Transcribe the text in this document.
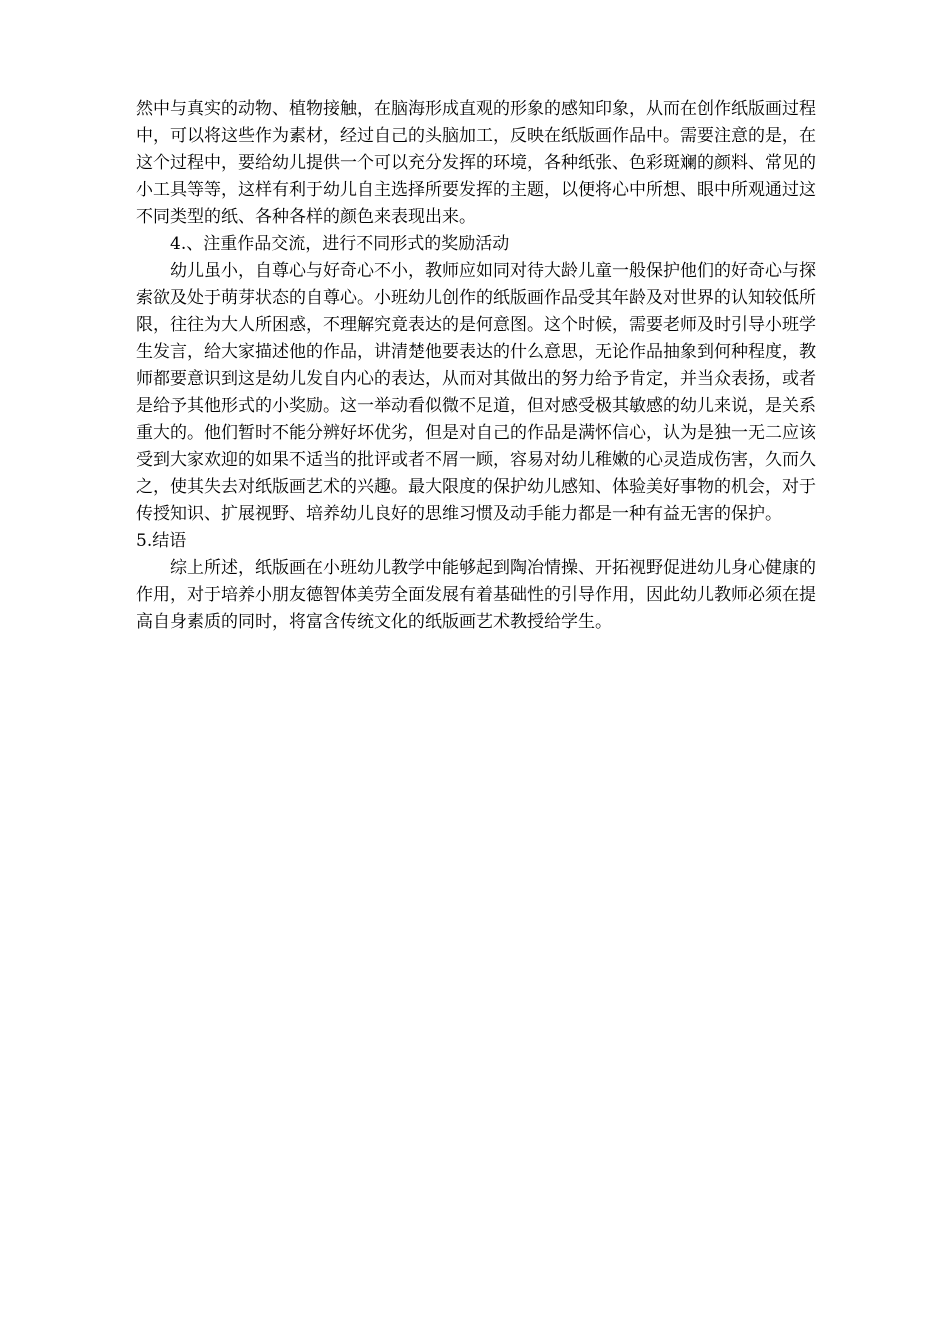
然中与真实的动物、植物接触，在脑海形成直观的形象的感知印象，从而在创作纸版画过程中，可以将这些作为素材，经过自己的头脑加工，反映在纸版画作品中。需要注意的是，在这个过程中，要给幼儿提供一个可以充分发挥的环境，各种纸张、色彩斑斓的颜料、常见的小工具等等，这样有利于幼儿自主选择所要发挥的主题，以便将心中所想、眼中所观通过这不同类型的纸、各种各样的颜色来表现出来。

4.、注重作品交流，进行不同形式的奖励活动

幼儿虽小，自尊心与好奇心不小，教师应如同对待大龄儿童一般保护他们的好奇心与探索欲及处于萌芽状态的自尊心。小班幼儿创作的纸版画作品受其年龄及对世界的认知较低所限，往往为大人所困惑，不理解究竟表达的是何意图。这个时候，需要老师及时引导小班学生发言，给大家描述他的作品，讲清楚他要表达的什么意思，无论作品抽象到何种程度，教师都要意识到这是幼儿发自内心的表达，从而对其做出的努力给予肯定，并当众表扬，或者是给予其他形式的小奖励。这一举动看似微不足道，但对感受极其敏感的幼儿来说，是关系重大的。他们暂时不能分辨好坏优劣，但是对自己的作品是满怀信心，认为是独一无二应该受到大家欢迎的如果不适当的批评或者不屑一顾，容易对幼儿稚嫩的心灵造成伤害，久而久之，使其失去对纸版画艺术的兴趣。最大限度的保护幼儿感知、体验美好事物的机会，对于传授知识、扩展视野、培养幼儿良好的思维习惯及动手能力都是一种有益无害的保护。

5.结语

综上所述，纸版画在小班幼儿教学中能够起到陶冶情操、开拓视野促进幼儿身心健康的作用，对于培养小朋友德智体美劳全面发展有着基础性的引导作用，因此幼儿教师必须在提高自身素质的同时，将富含传统文化的纸版画艺术教授给学生。
